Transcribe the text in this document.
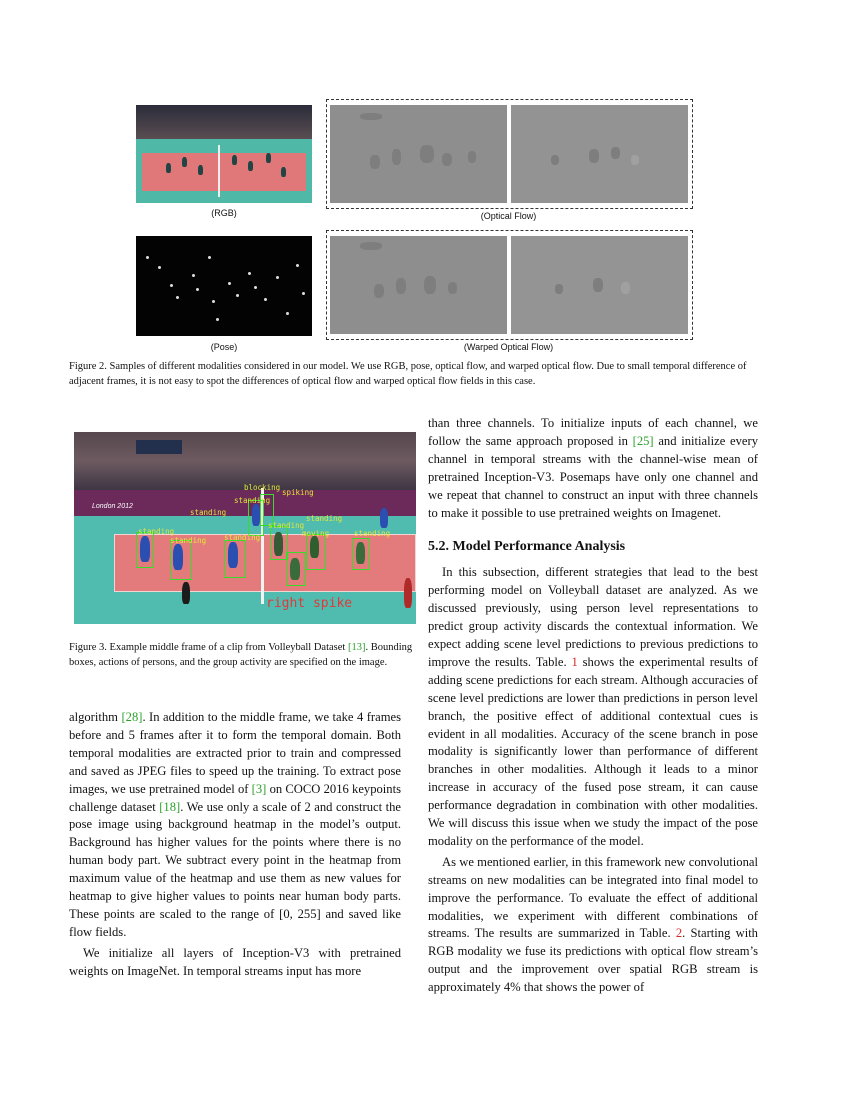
(RGB)	(Optical Flow)
(Pose)	(Warped Optical Flow)
Figure 2. Samples of different modalities considered in our model. We use RGB, pose, optical flow, and warped optical flow. Due to small temporal difference of adjacent frames, it is not easy to spot the differences of optical flow and warped optical flow fields in this case.
London 2012
blocking
spiking
standing
standing
standing
standing
standing
standing	moving	standing
standing
right spike
Figure 3. Example middle frame of a clip from Volleyball Dataset [13]. Bounding boxes, actions of persons, and the group activity are specified on the image.

algorithm [28]. In addition to the middle frame, we take 4 frames before and 5 frames after it to form the temporal domain. Both temporal modalities are extracted prior to train and compressed and saved as JPEG files to speed up the training. To extract pose images, we use pretrained model of [3] on COCO 2016 keypoints challenge dataset [18]. We use only a scale of 2 and construct the pose image using background heatmap in the model’s output. Background has higher values for the points where there is no human body part. We subtract every point in the heatmap from maximum value of the heatmap and use them as new values for heatmap to give higher values to points near human body parts. These points are scaled to the range of [0, 255] and saved like flow fields.

We initialize all layers of Inception-V3 with pretrained weights on ImageNet. In temporal streams input has more

than three channels. To initialize inputs of each channel, we follow the same approach proposed in [25] and initialize every channel in temporal streams with the channel-wise mean of pretrained Inception-V3. Posemaps have only one channel and we repeat that channel to construct an input with three channels to make it possible to use pretrained weights on Imagenet.

5.2. Model Performance Analysis

In this subsection, different strategies that lead to the best performing model on Volleyball dataset are analyzed. As we discussed previously, using person level representations to predict group activity discards the contextual information. We expect adding scene level predictions to previous predictions to improve the results. Table. 1 shows the experimental results of adding scene predictions for each stream. Although accuracies of scene level predictions are lower than predictions in person level branch, the positive effect of additional contextual cues is evident in all modalities. Accuracy of the scene branch in pose modality is significantly lower than performance of different branches in other modalities. Although it leads to a minor increase in accuracy of the fused pose stream, it can cause performance degradation in combination with other modalities. We will discuss this issue when we study the impact of the pose modality on the performance of the model.

As we mentioned earlier, in this framework new convolutional streams on new modalities can be integrated into final model to improve the performance. To evaluate the effect of additional modalities, we experiment with different combinations of streams. The results are summarized in Table. 2. Starting with RGB modality we fuse its predictions with optical flow stream’s output and the improvement over spatial RGB stream is approximately 4% that shows the power of
